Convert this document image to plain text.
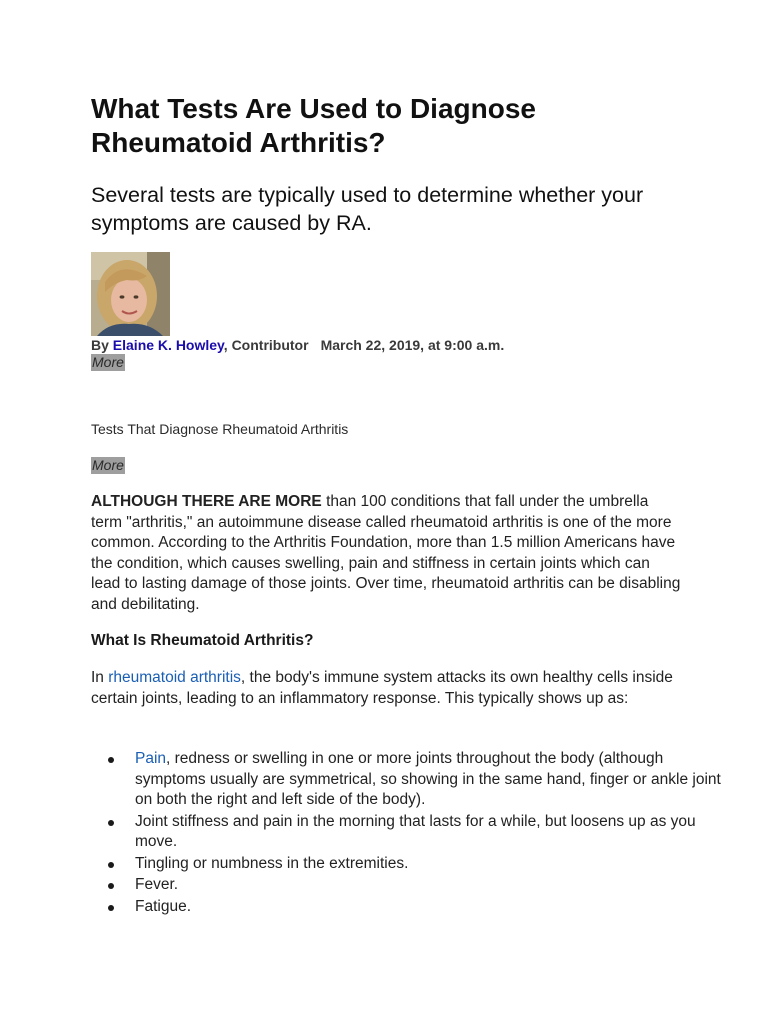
What Tests Are Used to Diagnose Rheumatoid Arthritis?
Several tests are typically used to determine whether your symptoms are caused by RA.
By Elaine K. Howley, Contributor March 22, 2019, at 9:00 a.m.
More
Tests That Diagnose Rheumatoid Arthritis
More

ALTHOUGH THERE ARE MORE than 100 conditions that fall under the umbrella term "arthritis," an autoimmune disease called rheumatoid arthritis is one of the more common. According to the Arthritis Foundation, more than 1.5 million Americans have the condition, which causes swelling, pain and stiffness in certain joints which can lead to lasting damage of those joints. Over time, rheumatoid arthritis can be disabling and debilitating.

What Is Rheumatoid Arthritis?

In rheumatoid arthritis, the body's immune system attacks its own healthy cells inside certain joints, leading to an inflammatory response. This typically shows up as:

Pain, redness or swelling in one or more joints throughout the body (although symptoms usually are symmetrical, so showing in the same hand, finger or ankle joint on both the right and left side of the body).
Joint stiffness and pain in the morning that lasts for a while, but loosens up as you move.
Tingling or numbness in the extremities.
Fever.
Fatigue.
